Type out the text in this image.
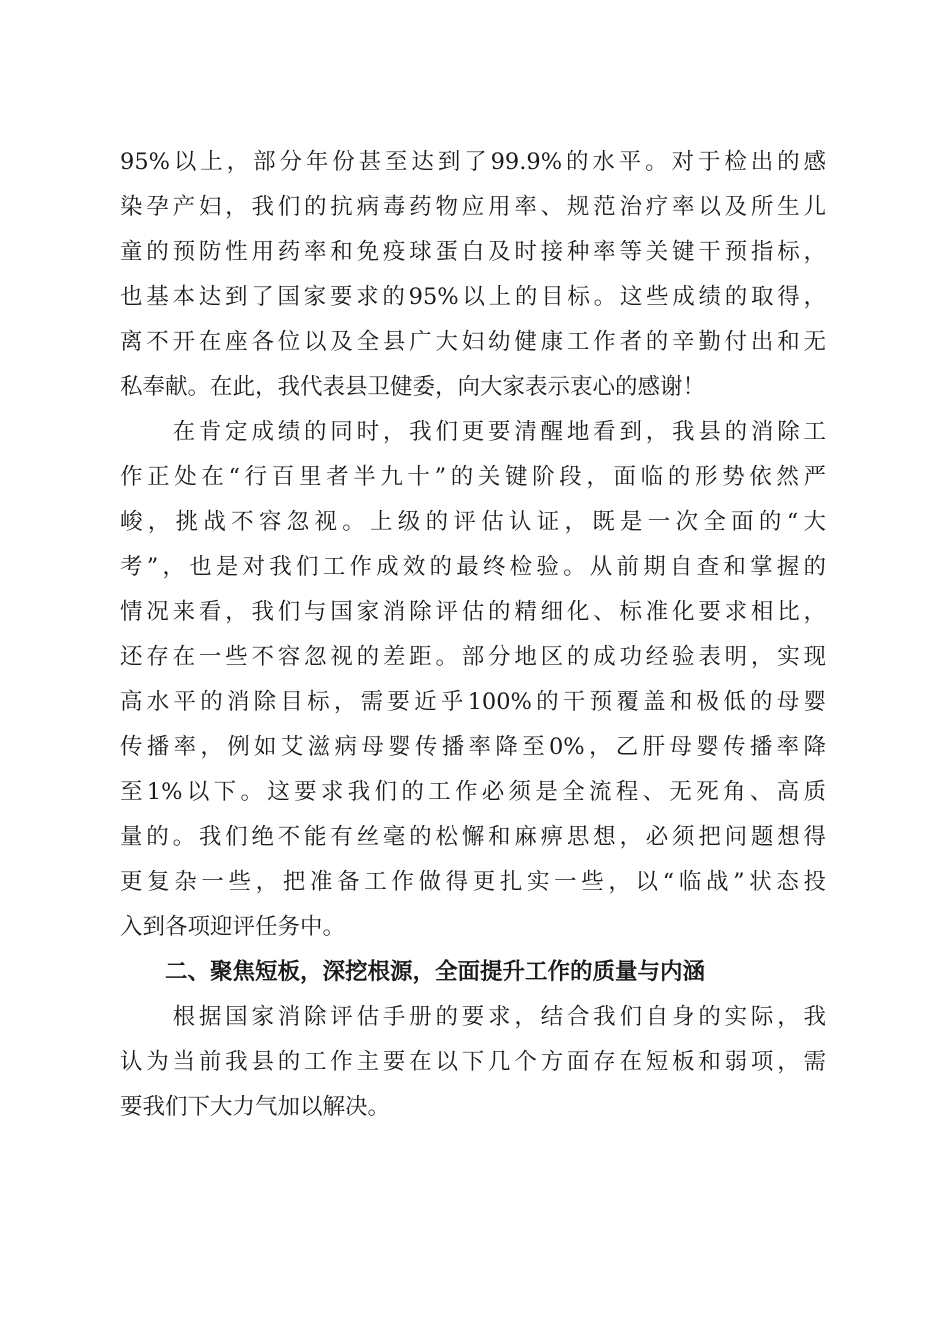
95%以上，部分年份甚至达到了99.9%的水平。对于检出的感
染孕产妇，我们的抗病毒药物应用率、规范治疗率以及所生儿
童的预防性用药率和免疫球蛋白及时接种率等关键干预指标，
也基本达到了国家要求的95%以上的目标。这些成绩的取得，
离不开在座各位以及全县广大妇幼健康工作者的辛勤付出和无
私奉献。在此，我代表县卫健委，向大家表示衷心的感谢！
　　在肯定成绩的同时，我们更要清醒地看到，我县的消除工
作正处在“行百里者半九十”的关键阶段，面临的形势依然严
峻，挑战不容忽视。上级的评估认证，既是一次全面的“大
考”，也是对我们工作成效的最终检验。从前期自查和掌握的
情况来看，我们与国家消除评估的精细化、标准化要求相比，
还存在一些不容忽视的差距。部分地区的成功经验表明，实现
高水平的消除目标，需要近乎100%的干预覆盖和极低的母婴
传播率，例如艾滋病母婴传播率降至0%，乙肝母婴传播率降
至1%以下。这要求我们的工作必须是全流程、无死角、高质
量的。我们绝不能有丝毫的松懈和麻痹思想，必须把问题想得
更复杂一些，把准备工作做得更扎实一些，以“临战”状态投
入到各项迎评任务中。
　　二、聚焦短板，深挖根源，全面提升工作的质量与内涵
　　根据国家消除评估手册的要求，结合我们自身的实际，我
认为当前我县的工作主要在以下几个方面存在短板和弱项，需
要我们下大力气加以解决。
